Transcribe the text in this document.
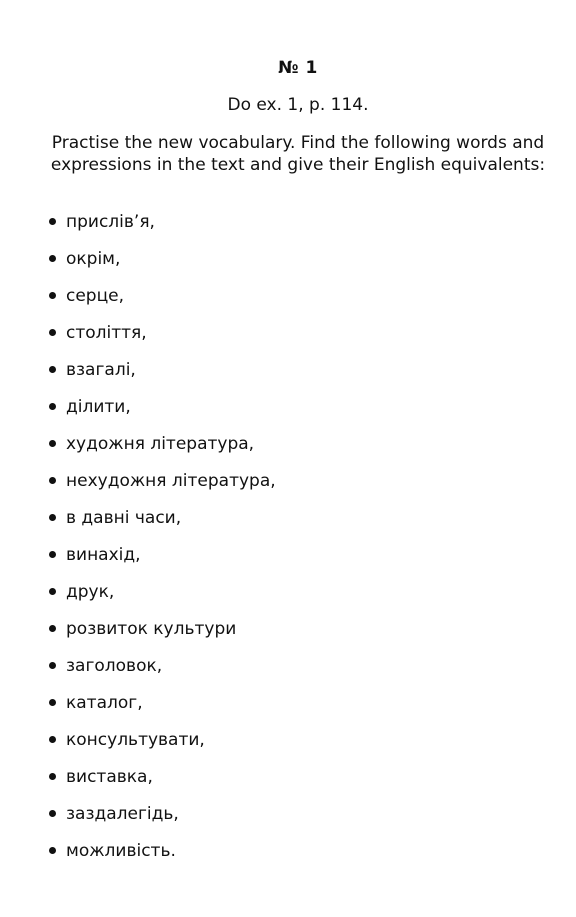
№ 1
Do ex. 1, p. 114.
Practise the new vocabulary. Find the following words and expressions in the text and give their English equivalents:
прислів’я,
окрім,
серце,
століття,
взагалі,
ділити,
художня література,
нехудожня література,
в давні часи,
винахід,
друк,
розвиток культури
заголовок,
каталог,
консультувати,
виставка,
заздалегідь,
можливість.
